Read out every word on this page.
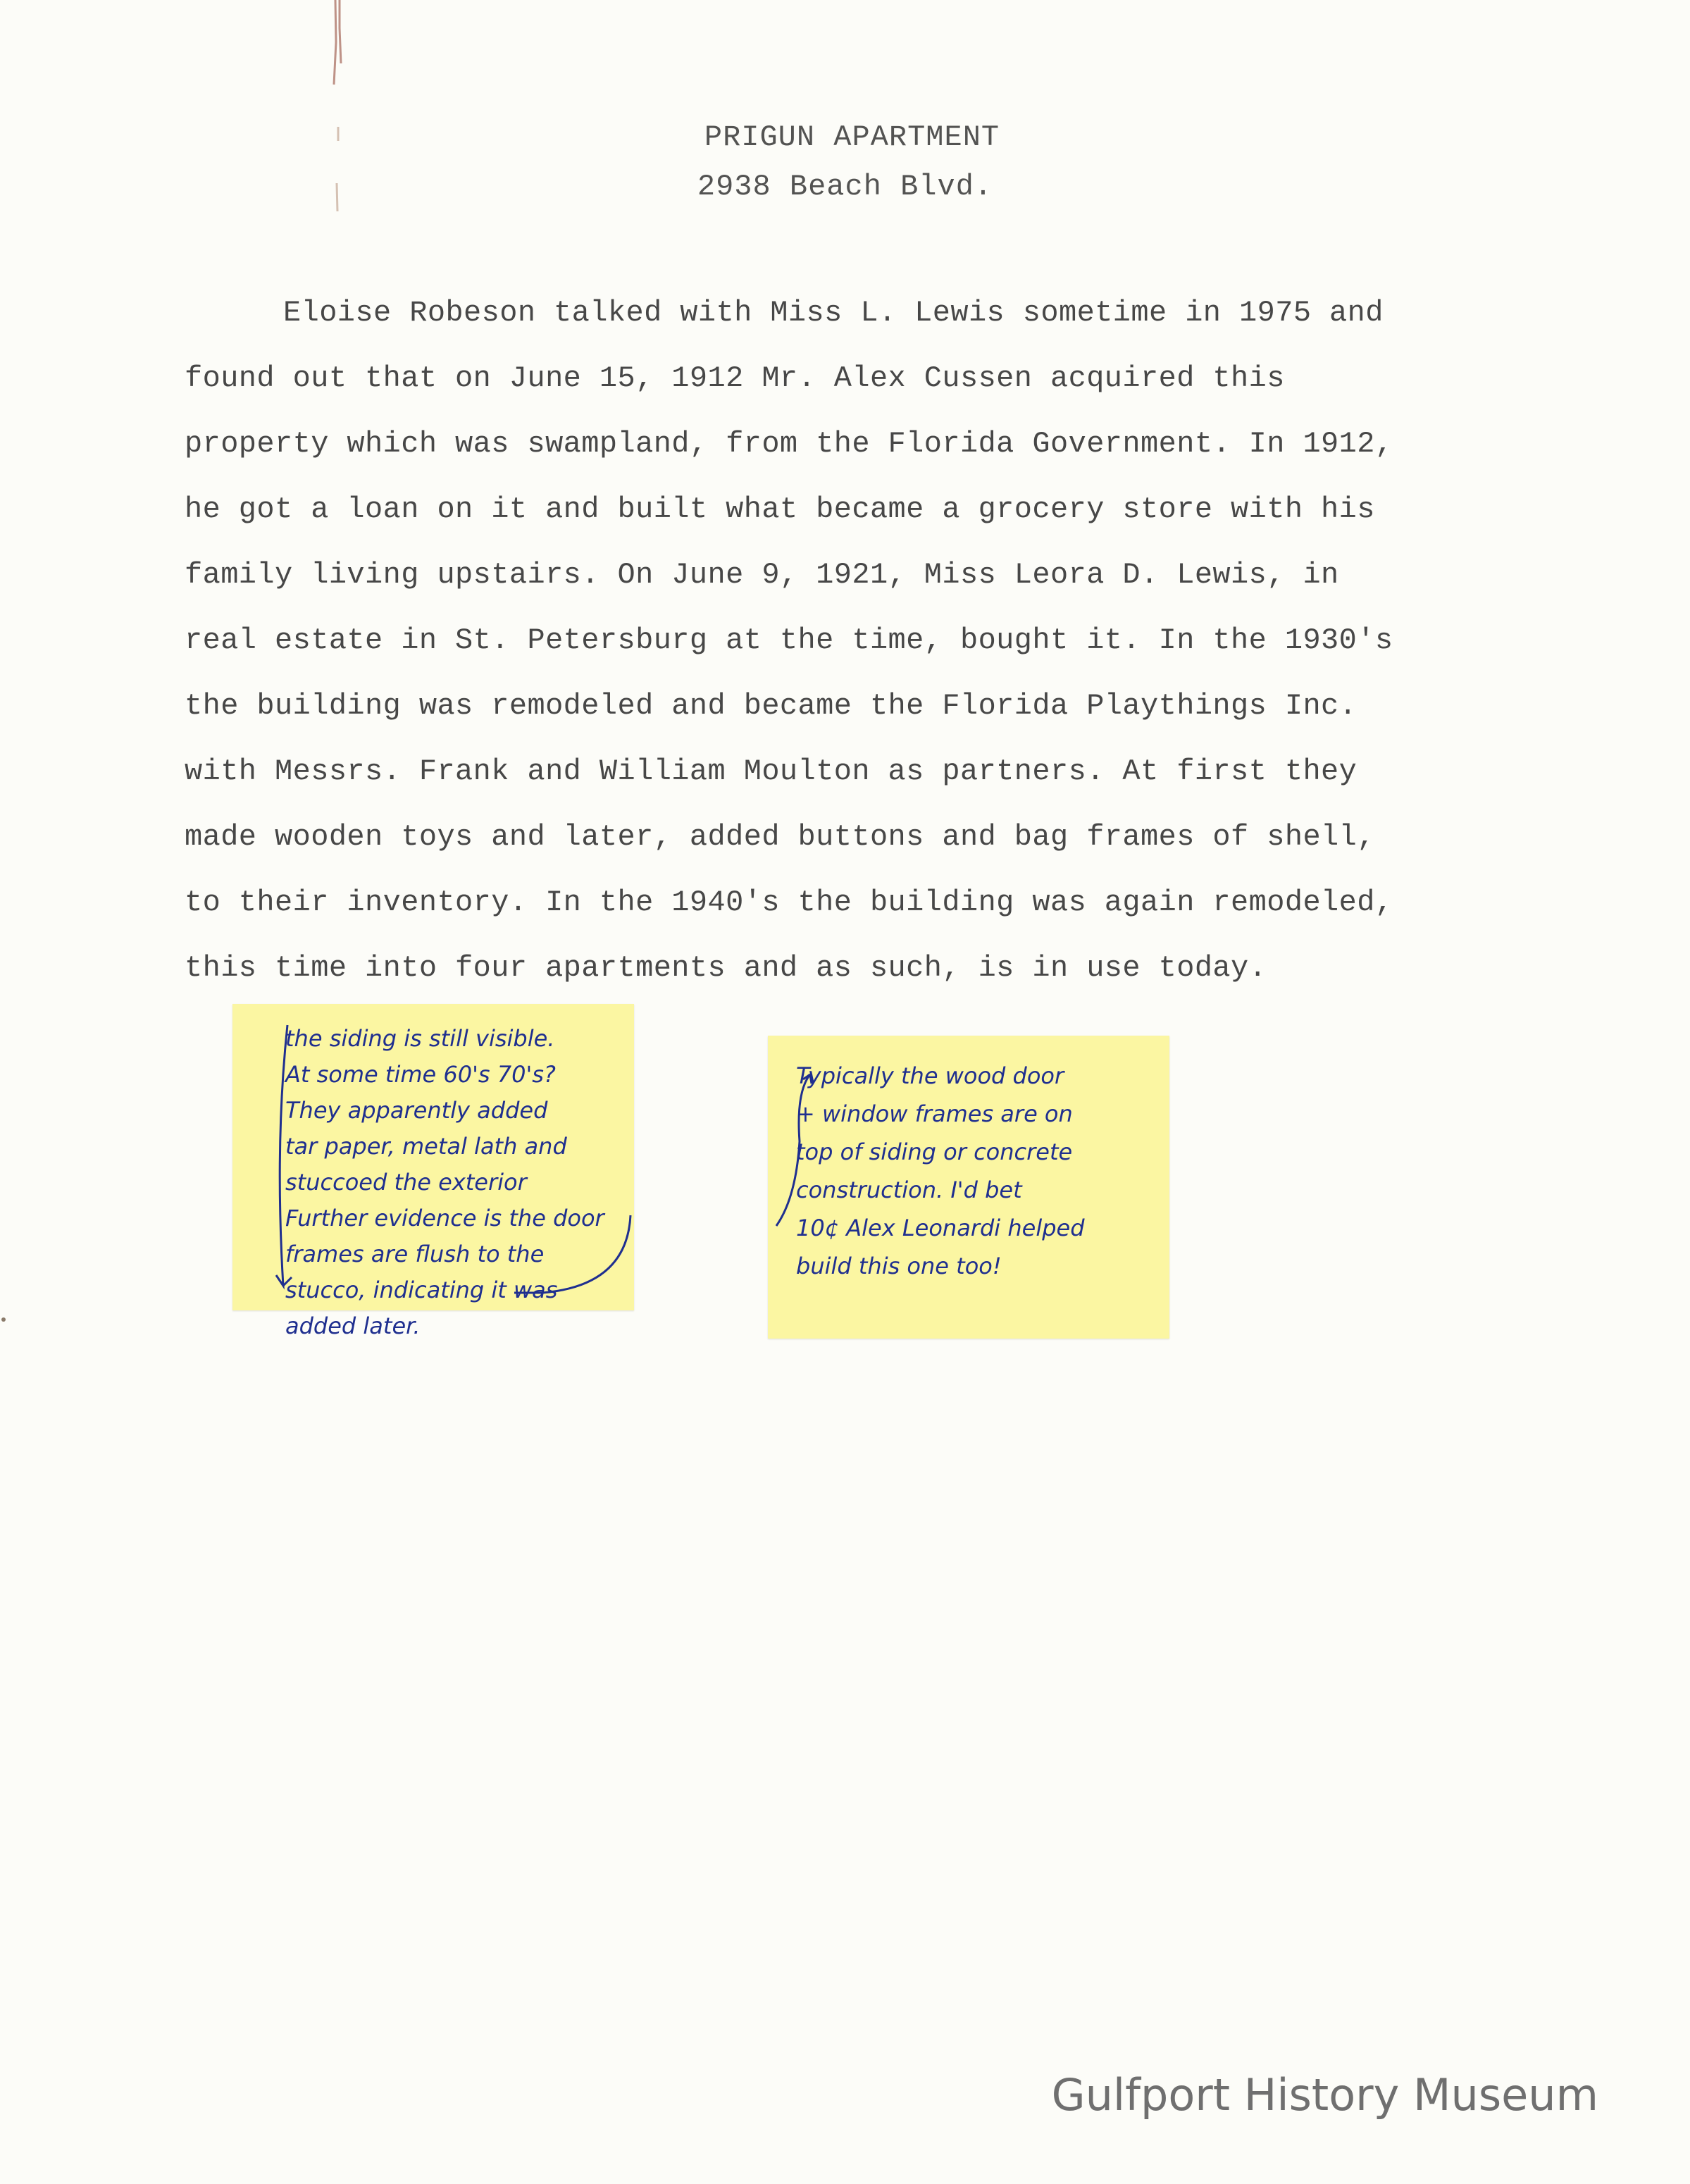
PRIGUN APARTMENT
2938 Beach Blvd.
Eloise Robeson talked with Miss L. Lewis sometime in 1975 and
found out that on June 15, 1912 Mr. Alex Cussen acquired this
property which was swampland, from the Florida Government. In 1912,
he got a loan on it and built what became a grocery store with his
family living upstairs. On June 9, 1921, Miss Leora D. Lewis, in
real estate in St. Petersburg at the time, bought it. In the 1930's
the building was remodeled and became the Florida Playthings Inc.
with Messrs. Frank and William Moulton as partners. At first they
made wooden toys and later, added buttons and bag frames of shell,
to their inventory. In the 1940's the building was again remodeled,
this time into four apartments and as such, is in use today.
the siding is still visible.
At some time 60's 70's?
They apparently added
tar paper, metal lath and
stuccoed the exterior
Further evidence is the door
frames are flush to the
stucco, indicating it was
added later.
Typically the wood door
+ window frames are on
top of siding or concrete
construction. I'd bet
10¢ Alex Leonardi helped
build this one too!
Gulfport History Museum
